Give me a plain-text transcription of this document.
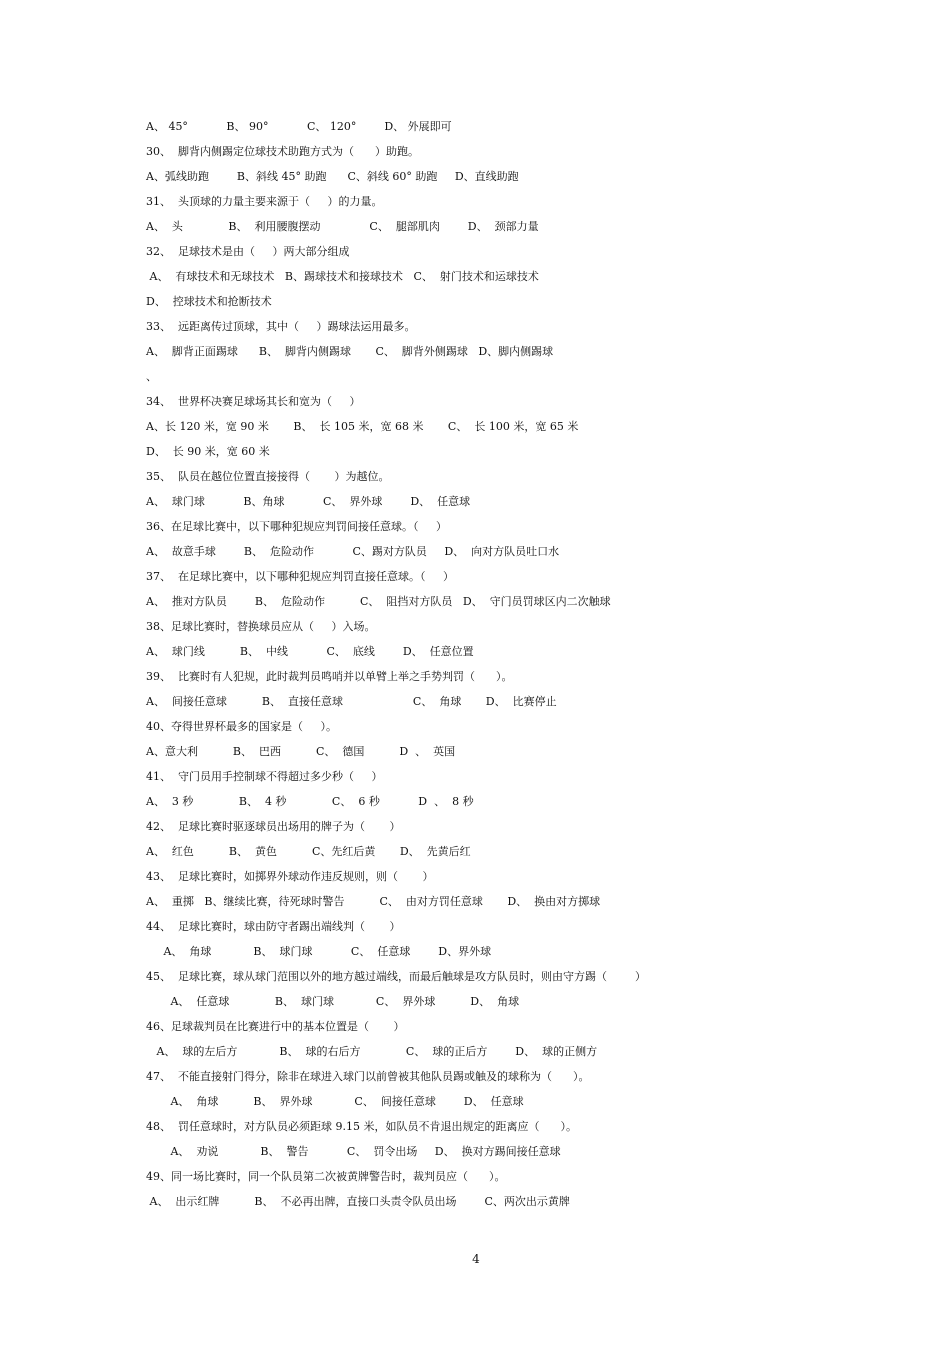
A、 45°           B、 90°           C、 120°        D、 外展即可
30、  脚背内侧踢定位球技术助跑方式为（      ）助跑。
A、弧线助跑        B、斜线 45° 助跑      C、斜线 60° 助跑     D、直线助跑
31、  头顶球的力量主要来源于（     ）的力量。
A、  头             B、  利用腰腹摆动              C、  腿部肌肉        D、  颈部力量
32、  足球技术是由（     ）两大部分组成
A、  有球技术和无球技术   B、踢球技术和接球技术   C、  射门技术和运球技术
D、  控球技术和抢断技术
33、  远距离传过顶球，其中（     ）踢球法运用最多。
A、  脚背正面踢球      B、  脚背内侧踢球       C、  脚背外侧踢球   D、脚内侧踢球
、
34、  世界杯决赛足球场其长和宽为（     ）
A、长 120 米，宽 90 米       B、  长 105 米，宽 68 米       C、  长 100 米，宽 65 米
D、  长 90 米，宽 60 米
35、  队员在越位位置直接接得（       ）为越位。
A、  球门球           B、角球           C、  界外球        D、  任意球
36、在足球比赛中，以下哪种犯规应判罚间接任意球。（     ）
A、  故意手球        B、  危险动作           C、踢对方队员     D、  向对方队员吐口水
37、  在足球比赛中，以下哪种犯规应判罚直接任意球。（     ）
A、  推对方队员        B、  危险动作          C、  阻挡对方队员   D、  守门员罚球区内二次触球
38、足球比赛时，替换球员应从（     ）入场。
A、  球门线          B、  中线           C、  底线        D、  任意位置
39、  比赛时有人犯规，此时裁判员鸣哨并以单臂上举之手势判罚（      ）。
A、  间接任意球          B、  直接任意球                    C、  角球       D、  比赛停止
40、夺得世界杯最多的国家是（     ）。
A、意大利          B、  巴西          C、  德国          D  、  英国
41、  守门员用手控制球不得超过多少秒（     ）
A、  3 秒             B、  4 秒             C、  6 秒           D  、  8 秒
42、  足球比赛时驱逐球员出场用的牌子为（       ）
A、  红色          B、  黄色          C、先红后黄       D、  先黄后红
43、  足球比赛时，如掷界外球动作违反规则，则（       ）
A、  重掷   B、继续比赛，待死球时警告          C、  由对方罚任意球       D、  换由对方掷球
44、  足球比赛时，球由防守者踢出端线判（       ）
A、  角球            B、  球门球           C、  任意球        D、界外球
45、  足球比赛，球从球门范围以外的地方越过端线，而最后触球是攻方队员时，则由守方踢（        ）
A、  任意球             B、  球门球            C、  界外球          D、  角球
46、足球裁判员在比赛进行中的基本位置是（       ）
A、  球的左后方            B、  球的右后方             C、  球的正后方        D、  球的正侧方
47、  不能直接射门得分，除非在球进入球门以前曾被其他队员踢或触及的球称为（      ）。
A、  角球          B、  界外球            C、  间接任意球        D、  任意球
48、  罚任意球时，对方队员必须距球 9.15 米，如队员不肯退出规定的距离应（      ）。
A、  劝说            B、  警告           C、  罚令出场     D、  换对方踢间接任意球
49、同一场比赛时，同一个队员第二次被黄牌警告时，裁判员应（      ）。
A、  出示红牌          B、  不必再出牌，直接口头责令队员出场        C、两次出示黄牌
4
